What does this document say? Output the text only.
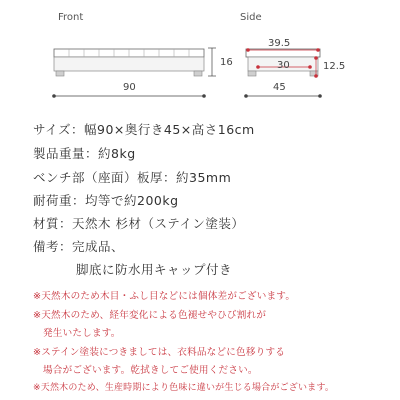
Front	Side
16
90
39.5
30	12.5
45
サイズ：幅90×奥行き45×高さ16cm
製品重量：約8kg
ベンチ部（座面）板厚：約35mm
耐荷重：均等で約200kg
材質：天然木 杉材（ステイン塗装）
備考：完成品、
脚底に防水用キャップ付き
※天然木のため木目・ふし目などには個体差がございます。
※天然木のため、経年変化による色褪せやひび割れが
発生いたします。
※ステイン塗装につきましては、衣料品などに色移りする
場合がございます。乾拭きしてご使用ください。
※天然木のため、生産時期により色味に違いが生じる場合がございます。
